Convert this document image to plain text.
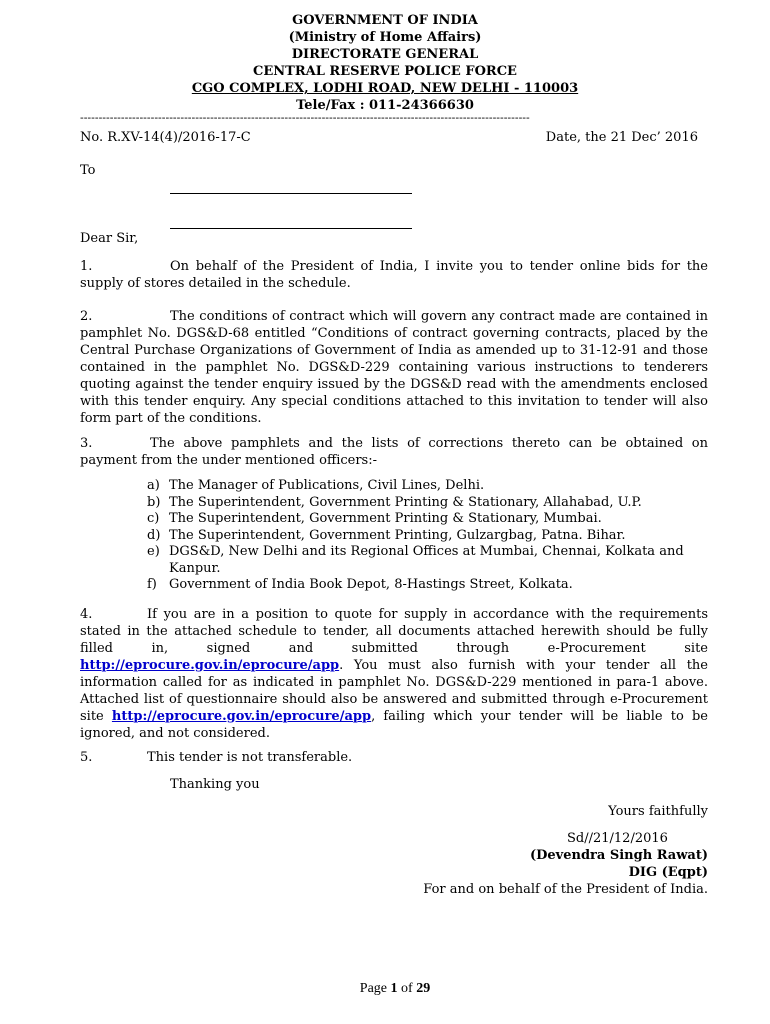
GOVERNMENT OF INDIA
(Ministry of Home Affairs)
DIRECTORATE GENERAL
CENTRAL RESERVE POLICE FORCE
CGO COMPLEX, LODHI ROAD, NEW DELHI - 110003
Tele/Fax : 011-24366630
-------------------------------------------------------------------------------------------------------------------------
No. R.XV-14(4)/2016-17-C	Date, the 21 Dec’ 2016
To
Dear Sir,
1.	On behalf of the President of India, I invite you to tender online bids for the supply of stores detailed in the schedule.
2.	The conditions of contract which will govern any contract made are contained in pamphlet No. DGS&D-68 entitled “Conditions of contract governing contracts, placed by the Central Purchase Organizations of Government of India as amended up to 31-12-91 and those contained in the pamphlet No. DGS&D-229 containing various instructions to tenderers quoting against the tender enquiry issued by the DGS&D read with the amendments enclosed with this tender enquiry. Any special conditions attached to this invitation to tender will also form part of the conditions.
3.	The above pamphlets and the lists of corrections thereto can be obtained on payment from the under mentioned officers:-
a) The Manager of Publications, Civil Lines, Delhi.
b) The Superintendent, Government Printing & Stationary, Allahabad, U.P.
c) The Superintendent, Government Printing & Stationary, Mumbai.
d) The Superintendent, Government Printing, Gulzargbag, Patna. Bihar.
e) DGS&D, New Delhi and its Regional Offices at Mumbai, Chennai, Kolkata and Kanpur.
f) Government of India Book Depot, 8-Hastings Street, Kolkata.
4.	If you are in a position to quote for supply in accordance with the requirements stated in the attached schedule to tender, all documents attached herewith should be fully filled in, signed and submitted through e-Procurement site http://eprocure.gov.in/eprocure/app. You must also furnish with your tender all the information called for as indicated in pamphlet No. DGS&D-229 mentioned in para-1 above. Attached list of questionnaire should also be answered and submitted through e-Procurement site http://eprocure.gov.in/eprocure/app, failing which your tender will be liable to be ignored, and not considered.
5.	This tender is not transferable.
Thanking you
Yours faithfully
Sd//21/12/2016
(Devendra Singh Rawat)
DIG (Eqpt)
For and on behalf of the President of India.
Page 1 of 29
